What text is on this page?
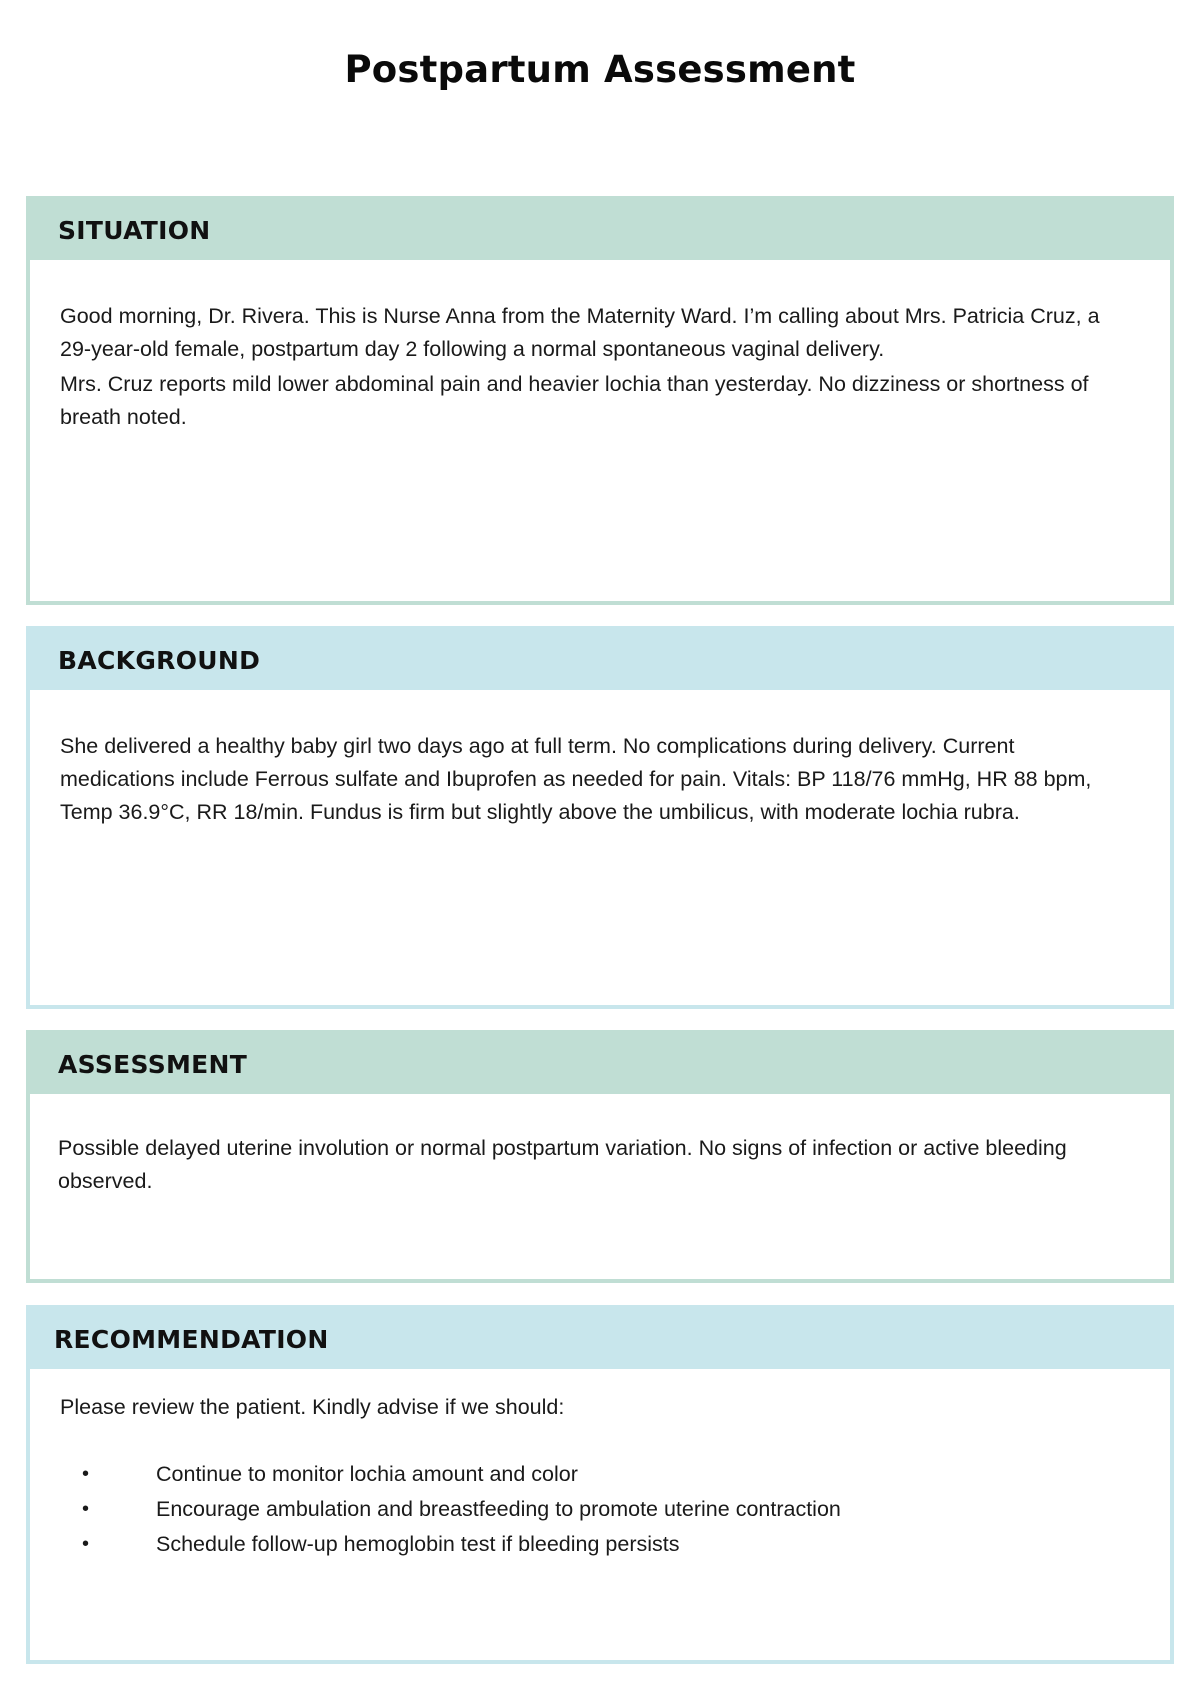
Postpartum Assessment
SITUATION

Good morning, Dr. Rivera. This is Nurse Anna from the Maternity Ward. I’m calling about Mrs. Patricia Cruz, a 29-year-old female, postpartum day 2 following a normal spontaneous vaginal delivery.

Mrs. Cruz reports mild lower abdominal pain and heavier lochia than yesterday. No dizziness or shortness of breath noted.

BACKGROUND

She delivered a healthy baby girl two days ago at full term. No complications during delivery. Current medications include Ferrous sulfate and Ibuprofen as needed for pain. Vitals: BP 118/76 mmHg, HR 88 bpm, Temp 36.9°C, RR 18/min. Fundus is firm but slightly above the umbilicus, with moderate lochia rubra.

ASSESSMENT

Possible delayed uterine involution or normal postpartum variation. No signs of infection or active bleeding observed.

RECOMMENDATION

Please review the patient. Kindly advise if we should:

•	Continue to monitor lochia amount and color
•	Encourage ambulation and breastfeeding to promote uterine contraction
•	Schedule follow-up hemoglobin test if bleeding persists
